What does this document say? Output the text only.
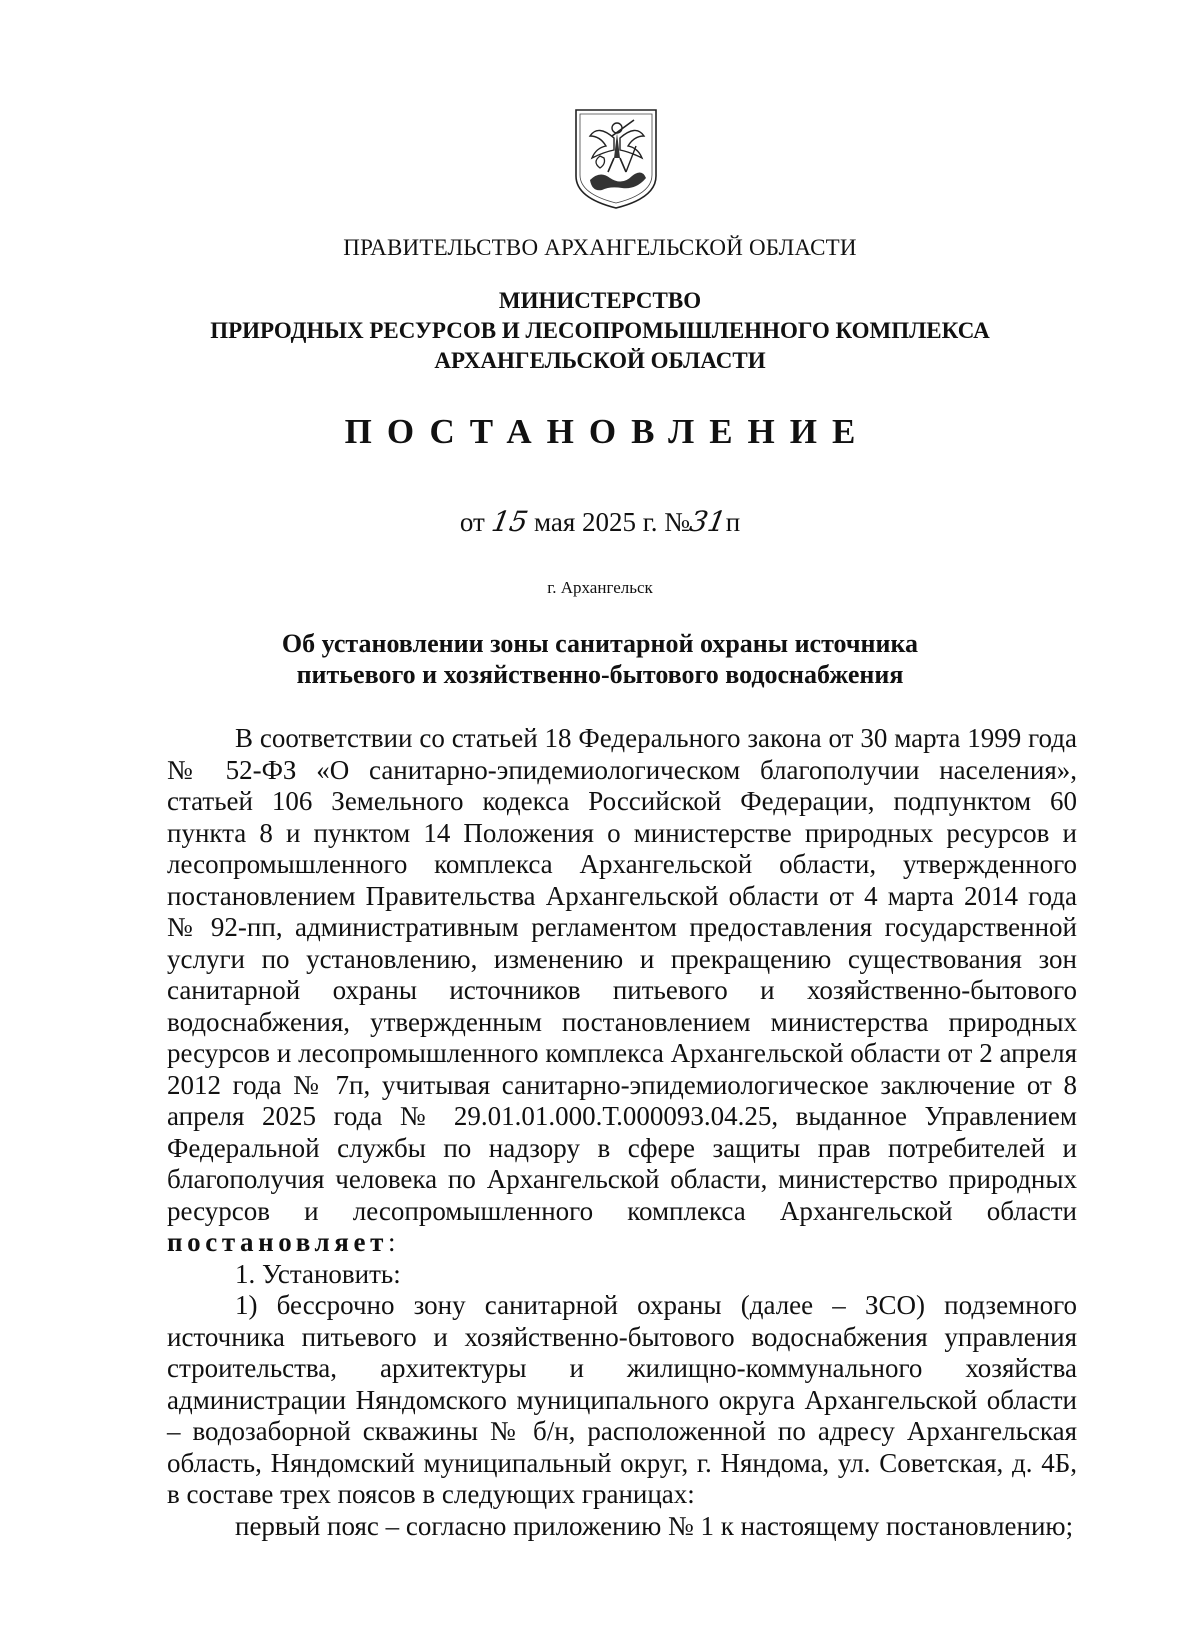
ПРАВИТЕЛЬСТВО АРХАНГЕЛЬСКОЙ ОБЛАСТИ
МИНИСТЕРСТВО
ПРИРОДНЫХ РЕСУРСОВ И ЛЕСОПРОМЫШЛЕННОГО КОМПЛЕКСА
АРХАНГЕЛЬСКОЙ ОБЛАСТИ
ПОСТАНОВЛЕНИЕ
от 15 мая 2025 г. №31п
г. Архангельск
Об установлении зоны санитарной охраны источника
питьевого и хозяйственно-бытового водоснабжения

В соответствии со статьей 18 Федерального закона от 30 марта 1999 года № 52-ФЗ «О санитарно-эпидемиологическом благополучии населения», статьей 106 Земельного кодекса Российской Федерации, подпунктом 60 пункта 8 и пунктом 14 Положения о министерстве природных ресурсов и лесопромышленного комплекса Архангельской области, утвержденного постановлением Правительства Архангельской области от 4 марта 2014 года № 92-пп, административным регламентом предоставления государственной услуги по установлению, изменению и прекращению существования зон санитарной охраны источников питьевого и хозяйственно-бытового водоснабжения, утвержденным постановлением министерства природных ресурсов и лесопромышленного комплекса Архангельской области от 2 апреля 2012 года № 7п, учитывая санитарно-эпидемиологическое заключение от 8 апреля 2025 года № 29.01.01.000.Т.000093.04.25, выданное Управлением Федеральной службы по надзору в сфере защиты прав потребителей и благополучия человека по Архангельской области, министерство природных ресурсов и лесопромышленного комплекса Архангельской области

постановляет:

1. Установить:

1) бессрочно зону санитарной охраны (далее – ЗСО) подземного источника питьевого и хозяйственно-бытового водоснабжения управления строительства, архитектуры и жилищно-коммунального хозяйства администрации Няндомского муниципального округа Архангельской области – водозаборной скважины № б/н, расположенной по адресу Архангельская область, Няндомский муниципальный округ, г. Няндома, ул. Советская, д. 4Б, в составе трех поясов в следующих границах:

первый пояс – согласно приложению № 1 к настоящему постановлению;
